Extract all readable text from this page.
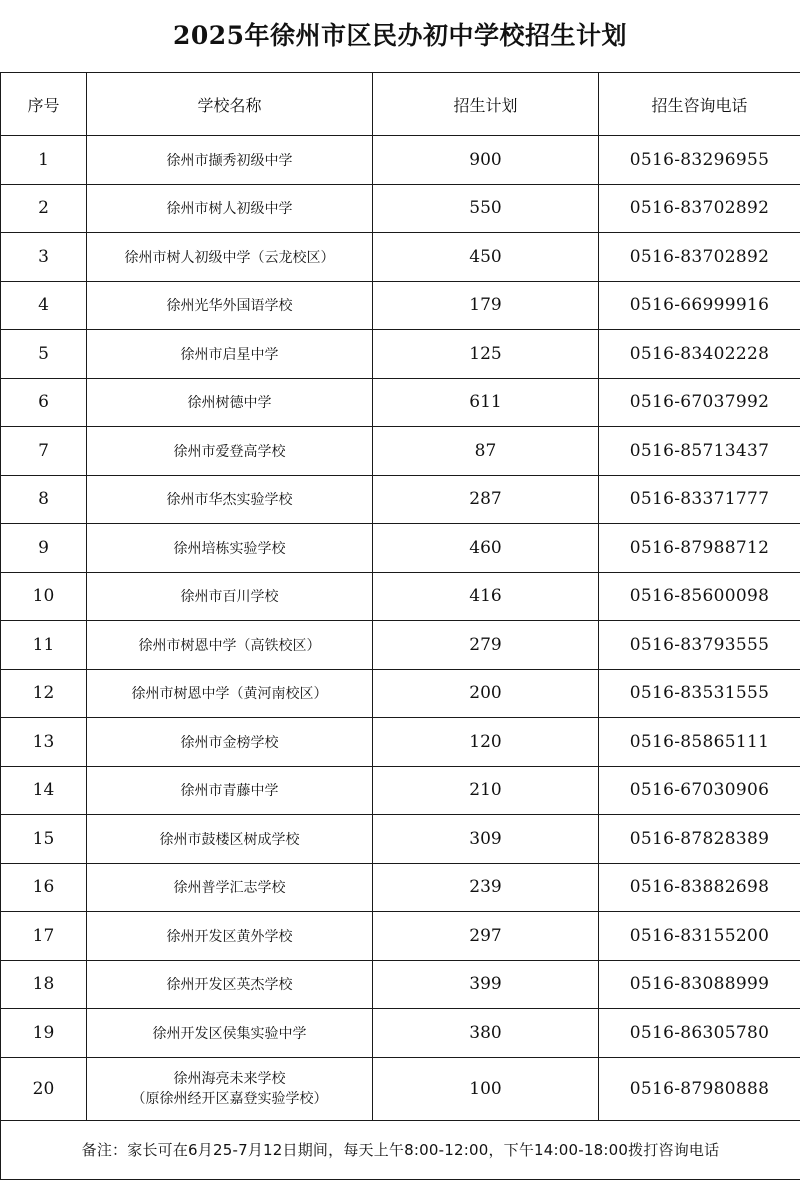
2025年徐州市区民办初中学校招生计划
序号	学校名称	招生计划	招生咨询电话
1	徐州市撷秀初级中学	900	0516-83296955
2	徐州市树人初级中学	550	0516-83702892
3	徐州市树人初级中学（云龙校区）	450	0516-83702892
4	徐州光华外国语学校	179	0516-66999916
5	徐州市启星中学	125	0516-83402228
6	徐州树德中学	611	0516-67037992
7	徐州市爱登高学校	87	0516-85713437
8	徐州市华杰实验学校	287	0516-83371777
9	徐州培栋实验学校	460	0516-87988712
10	徐州市百川学校	416	0516-85600098
11	徐州市树恩中学（高铁校区）	279	0516-83793555
12	徐州市树恩中学（黄河南校区）	200	0516-83531555
13	徐州市金榜学校	120	0516-85865111
14	徐州市青藤中学	210	0516-67030906
15	徐州市鼓楼区树成学校	309	0516-87828389
16	徐州普学汇志学校	239	0516-83882698
17	徐州开发区黄外学校	297	0516-83155200
18	徐州开发区英杰学校	399	0516-83088999
19	徐州开发区侯集实验中学	380	0516-86305780
20	徐州海亮未来学校
（原徐州经开区嘉登实验学校）	100	0516-87980888
备注：家长可在6月25-7月12日期间，每天上午8:00-12:00，下午14:00-18:00拨打咨询电话			
